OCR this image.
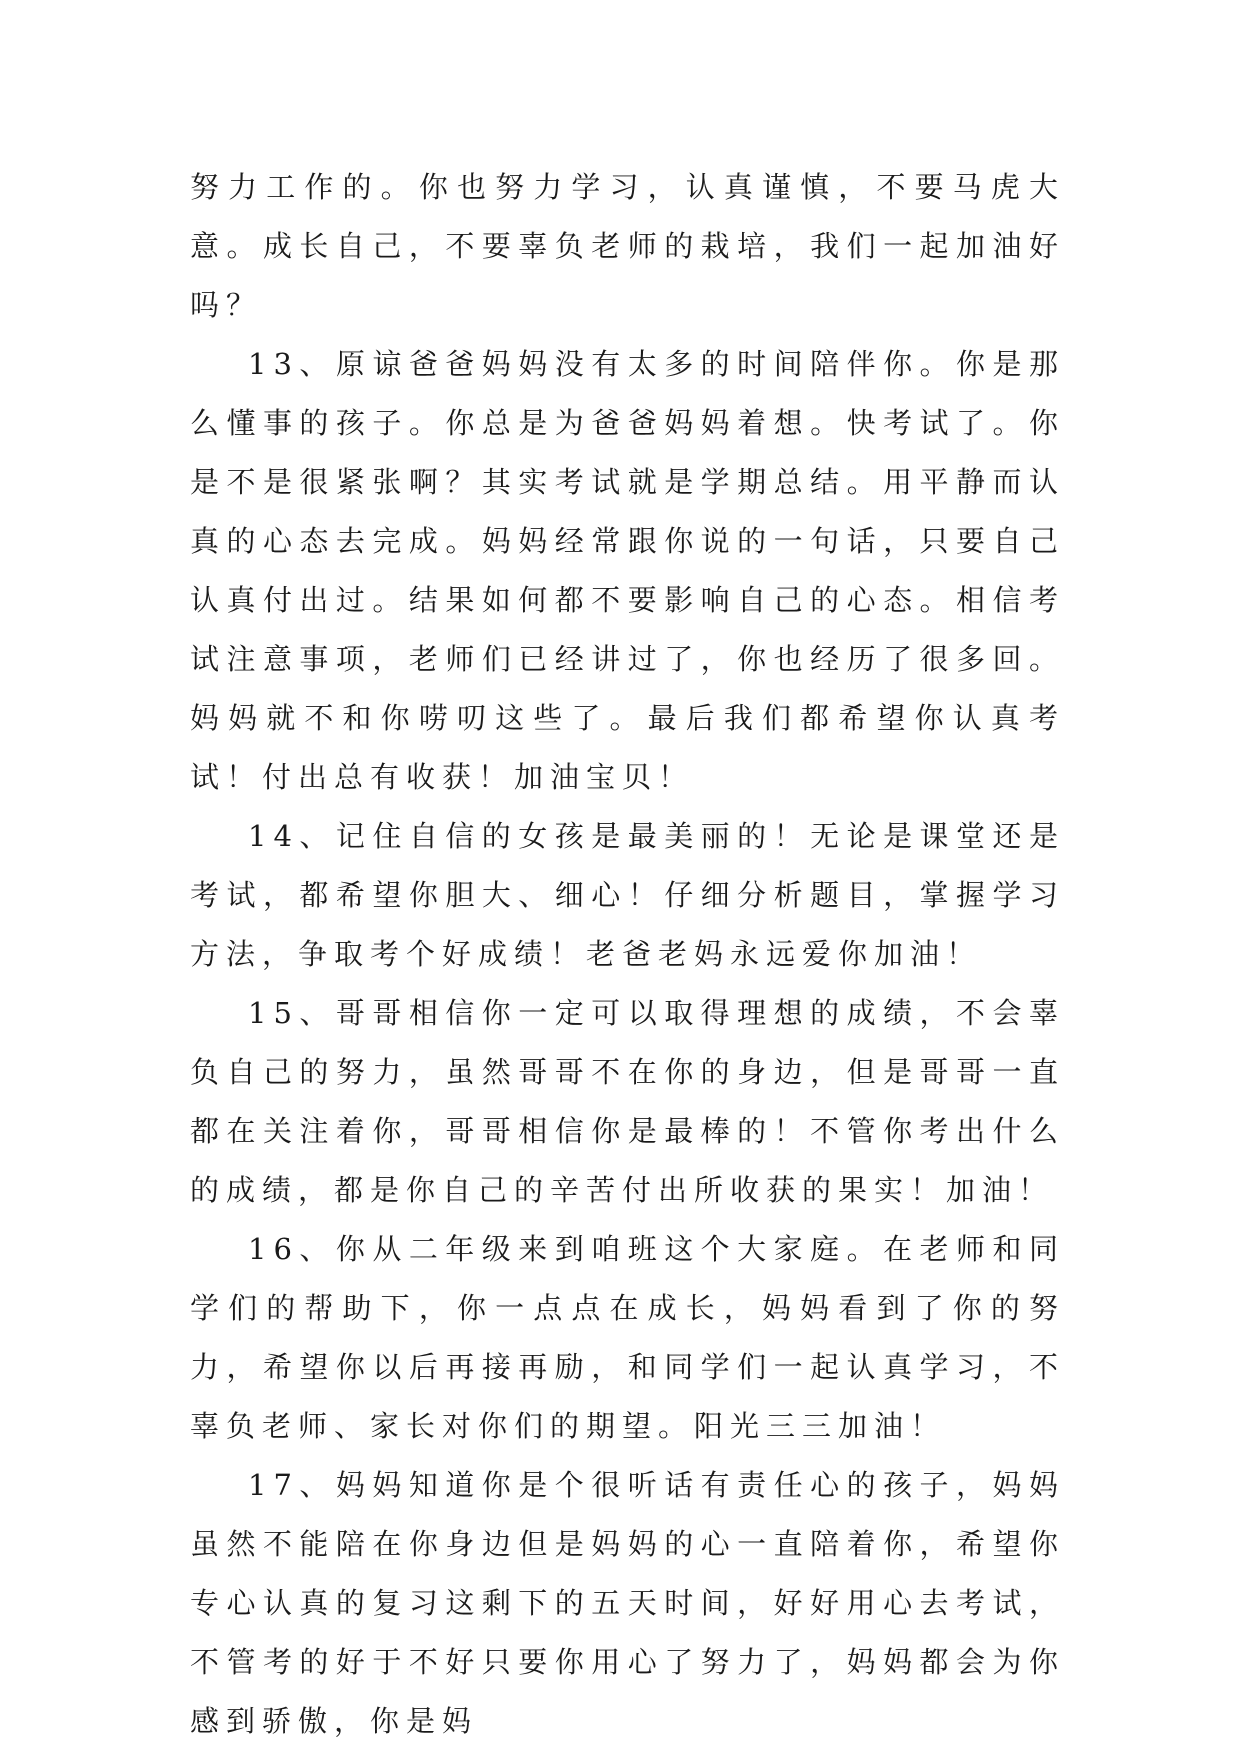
努力工作的。你也努力学习，认真谨慎，不要马虎大意。成长自己，不要辜负老师的栽培，我们一起加油好吗？

13、原谅爸爸妈妈没有太多的时间陪伴你。你是那么懂事的孩子。你总是为爸爸妈妈着想。快考试了。你是不是很紧张啊？其实考试就是学期总结。用平静而认真的心态去完成。妈妈经常跟你说的一句话，只要自己认真付出过。结果如何都不要影响自己的心态。相信考试注意事项，老师们已经讲过了，你也经历了很多回。妈妈就不和你唠叨这些了。最后我们都希望你认真考试！付出总有收获！加油宝贝！

14、记住自信的女孩是最美丽的！无论是课堂还是考试，都希望你胆大、细心！仔细分析题目，掌握学习方法，争取考个好成绩！老爸老妈永远爱你加油！

15、哥哥相信你一定可以取得理想的成绩，不会辜负自己的努力，虽然哥哥不在你的身边，但是哥哥一直都在关注着你，哥哥相信你是最棒的！不管你考出什么的成绩，都是你自己的辛苦付出所收获的果实！加油！

16、你从二年级来到咱班这个大家庭。在老师和同学们的帮助下，你一点点在成长，妈妈看到了你的努力，希望你以后再接再励，和同学们一起认真学习，不辜负老师、家长对你们的期望。阳光三三加油！

17、妈妈知道你是个很听话有责任心的孩子，妈妈虽然不能陪在你身边但是妈妈的心一直陪着你，希望你专心认真的复习这剩下的五天时间，好好用心去考试，不管考的好于不好只要你用心了努力了，妈妈都会为你感到骄傲，你是妈
